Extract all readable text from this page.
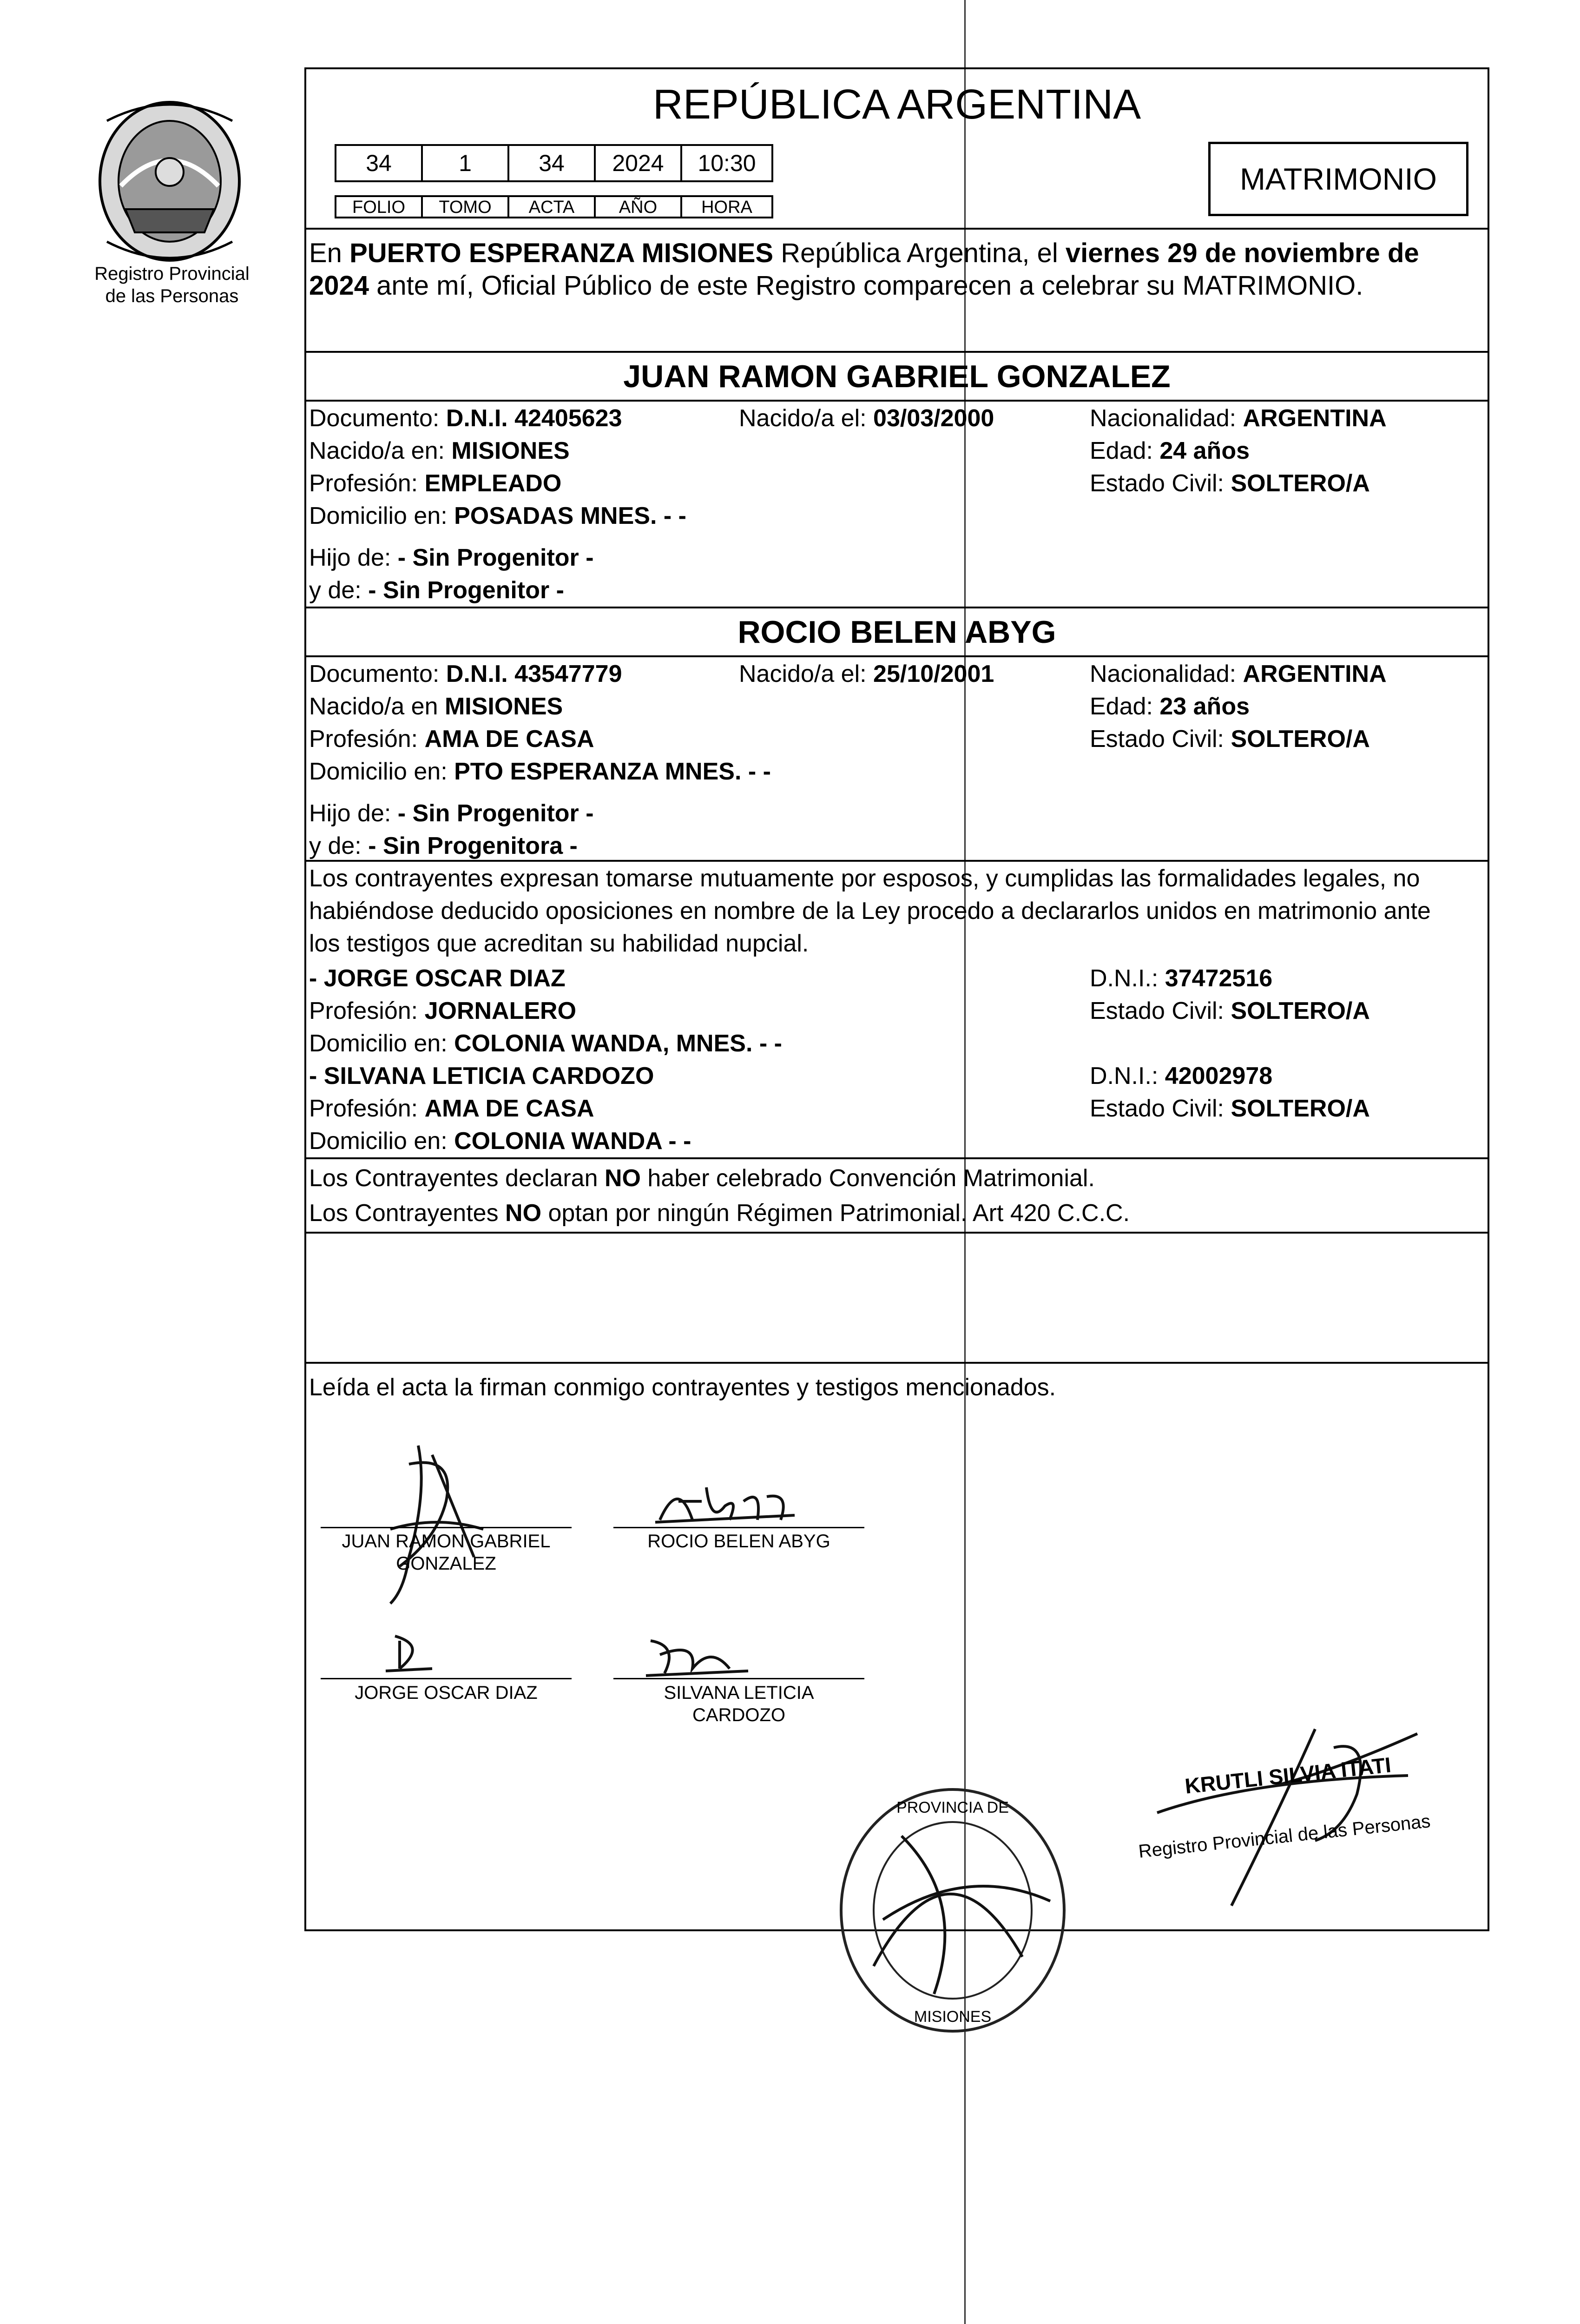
Registro Provincial
de las Personas
REPÚBLICA ARGENTINA
34	1	34	2024	10:30
FOLIO	TOMO	ACTA	AÑO	HORA
MATRIMONIO
En PUERTO ESPERANZA MISIONES República Argentina, el viernes 29 de noviembre de
2024 ante mí, Oficial Público de este Registro comparecen a celebrar su MATRIMONIO.
JUAN RAMON GABRIEL GONZALEZ
Documento: D.N.I. 42405623	Nacido/a el: 03/03/2000	Nacionalidad: ARGENTINA
Nacido/a en: MISIONES	Edad: 24 años
Profesión: EMPLEADO	Estado Civil: SOLTERO/A
Domicilio en: POSADAS MNES. - -
Hijo de: - Sin Progenitor -
y de: - Sin Progenitor -
ROCIO BELEN ABYG
Documento: D.N.I. 43547779	Nacido/a el: 25/10/2001	Nacionalidad: ARGENTINA
Nacido/a en MISIONES	Edad: 23 años
Profesión: AMA DE CASA	Estado Civil: SOLTERO/A
Domicilio en: PTO ESPERANZA MNES. - -
Hijo de: - Sin Progenitor -
y de: - Sin Progenitora -
Los contrayentes expresan tomarse mutuamente por esposos, y cumplidas las formalidades legales, no
habiéndose deducido oposiciones en nombre de la Ley procedo a declararlos unidos en matrimonio ante
los testigos que acreditan su habilidad nupcial.
- JORGE OSCAR DIAZ	D.N.I.: 37472516
Profesión: JORNALERO	Estado Civil: SOLTERO/A
Domicilio en: COLONIA WANDA, MNES. - -
- SILVANA LETICIA CARDOZO	D.N.I.: 42002978
Profesión: AMA DE CASA	Estado Civil: SOLTERO/A
Domicilio en: COLONIA WANDA - -
Los Contrayentes declaran NO haber celebrado Convención Matrimonial.
Los Contrayentes NO optan por ningún Régimen Patrimonial. Art 420 C.C.C.
Leída el acta la firman conmigo contrayentes y testigos mencionados.
JUAN RAMON GABRIEL
GONZALEZ
ROCIO BELEN ABYG
JORGE OSCAR DIAZ	SILVANA LETICIA
CARDOZO
PROVINCIA DE
MISIONES
KRUTLI SILVIA ITATI
Registro Provincial de las Personas
